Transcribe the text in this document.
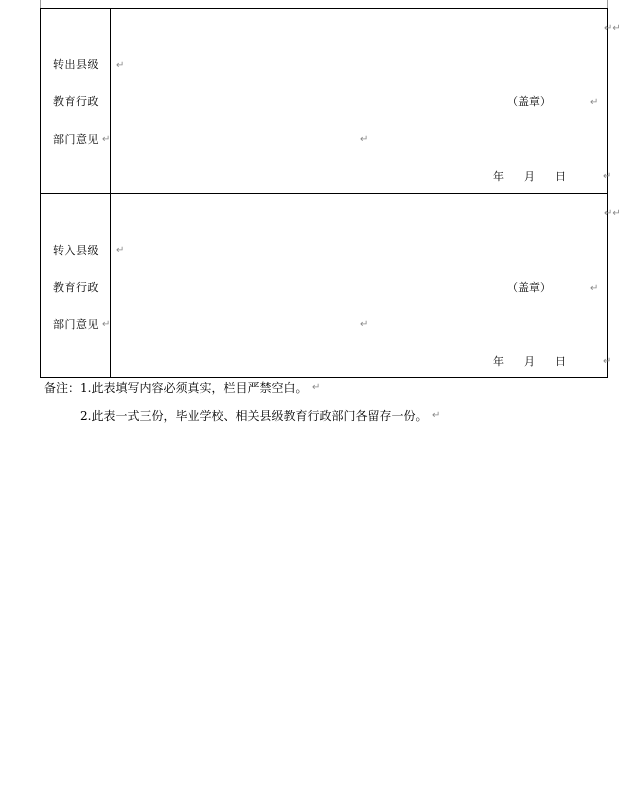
转出县级
教育行政
部门意见 ↵
↵↵
↵
（盖章）	↵
↵
年 月 日	↵
转入县级
教育行政
部门意见 ↵
↵↵
↵
（盖章）	↵
↵
年 月 日	↵
备注：1.此表填写内容必须真实，栏目严禁空白。 ↵
2.此表一式三份，毕业学校、相关县级教育行政部门各留存一份。 ↵
